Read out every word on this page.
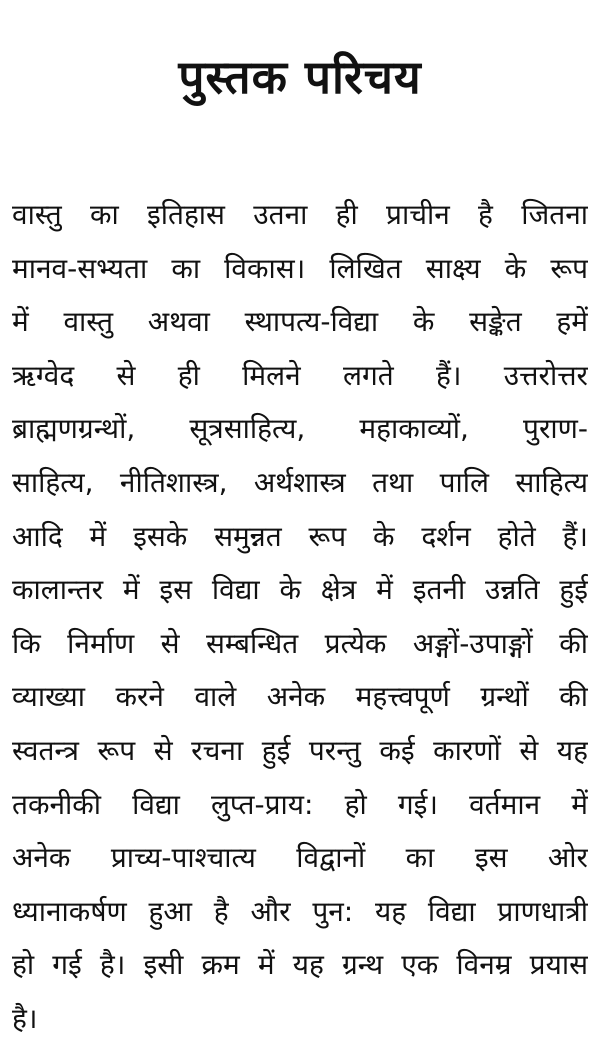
पुस्तक परिचय
वास्तु का इतिहास उतना ही प्राचीन है जितना
मानव-सभ्यता का विकास। लिखित साक्ष्य के रूप
में वास्तु अथवा स्थापत्य-विद्या के सङ्केत हमें
ऋग्वेद से ही मिलने लगते हैं। उत्तरोत्तर
ब्राह्मणग्रन्थों, सूत्रसाहित्य, महाकाव्यों, पुराण-
साहित्य, नीतिशास्त्र, अर्थशास्त्र तथा पालि साहित्य
आदि में इसके समुन्नत रूप के दर्शन होते हैं।
कालान्तर में इस विद्या के क्षेत्र में इतनी उन्नति हुई
कि निर्माण से सम्बन्धित प्रत्येक अङ्गों-उपाङ्गों की
व्याख्या करने वाले अनेक महत्त्वपूर्ण ग्रन्थों की
स्वतन्त्र रूप से रचना हुई परन्तु कई कारणों से यह
तकनीकी विद्या लुप्त-प्राय: हो गई। वर्तमान में
अनेक प्राच्य-पाश्चात्य विद्वानों का इस ओर
ध्यानाकर्षण हुआ है और पुन: यह विद्या प्राणधात्री
हो गई है। इसी क्रम में यह ग्रन्थ एक विनम्र प्रयास
है।
